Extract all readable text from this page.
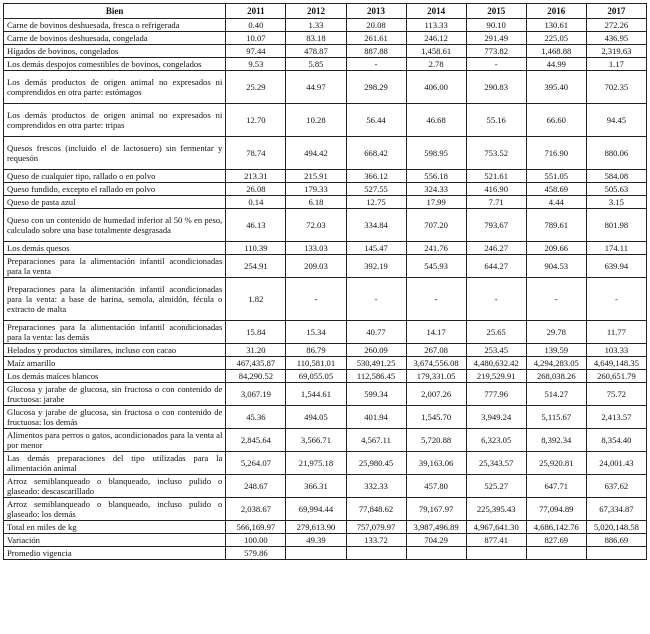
Bien	2011	2012	2013	2014	2015	2016	2017
Carne de bovinos deshuesada, fresca o refrigerada	0.40	1.33	20.08	113.33	90.10	130.61	272.26
Carne de bovinos deshuesada, congelada	10.07	83.18	261.61	246.12	291.49	225.05	436.95
Hígados de bovinos, congelados	97.44	478.87	887.88	1,458.61	773.82	1,468.88	2,319.63
Los demás despojos comestibles de bovinos, congelados	9.53	5.85	-	2.78	-	44.99	1.17
Los demás productos de origen animal no expresados ni comprendidos en otra parte: estómagos	25.29	44.97	298.29	406.00	290.83	395.40	702.35
Los demás productos de origen animal no expresados ni comprendidos en otra parte: tripas	12.70	10.28	56.44	46.68	55.16	66.60	94.45
Quesos frescos (incluido el de lactosuero) sin fermentar y requesón	78.74	494.42	668.42	598.95	753.52	716.90	880.06
Queso de cualquier tipo, rallado o en polvo	213.31	215.91	366.12	556.18	521.61	551.05	584.08
Queso fundido, excepto el rallado en polvo	26.08	179.33	527.55	324.33	416.90	458.69	505.63
Queso de pasta azul	0.14	6.18	12.75	17.99	7.71	4.44	3.15
Queso con un contenido de humedad inferior al 50 % en peso, calculado sobre una base totalmente desgrasada	46.13	72.03	334.84	707.20	793.67	789.61	801.98
Los demás quesos	110.39	133.03	145.47	241.76	246.27	209.66	174.11
Preparaciones para la alimentación infantil acondicionadas para la venta	254.91	209.03	392.19	545.93	644.27	904.53	639.94
Preparaciones para la alimentación infantil acondicionadas para la venta: a base de harina, semola, almidón, fécula o extracto de malta	1.82	-	-	-	-	-	-
Preparaciones para la alimentación infantil acondicionadas para la venta: las demás	15.84	15.34	40.77	14.17	25.65	29.78	11.77
Helados y productos similares, incluso con cacao	31.20	86.79	260.09	267.08	253.45	139.59	103.33
Maíz amarillo	467,435.87	110,581.01	530,491.25	3,674,556.08	4,480,632.42	4,294,283.05	4,649,148.35
Los demás maíces blancos	84,290.52	69,055.05	112,586.45	179,331.05	219,529.91	268,038.26	260,651.79
Glucosa y jarabe de glucosa, sin fructosa o con contenido de fructuosa: jarabe	3,067.19	1,544.61	599.34	2,007.26	777.96	514.27	75.72
Glucosa y jarabe de glucosa, sin fructosa o con contenido de fructuosa: los demás	45.36	494.05	401.94	1,545.70	3,949.24	5,115.67	2,413.57
Alimentos para perros o gatos, acondicionados para la venta al por menor	2,845.64	3,566.71	4,567.11	5,720.88	6,323.05	8,392.34	8,354.40
Las demás preparaciones del tipo utilizadas para la alimentación animal	5,264.07	21,975.18	25,980.45	39,163.06	25,343.57	25,920.81	24,001.43
Arroz semiblanqueado o blanqueado, incluso pulido o glaseado: descascarillado	248.67	366.31	332.33	457.80	525.27	647.71	637.62
Arroz semiblanqueado o blanqueado, incluso pulido o glaseado: los demás	2,038.67	69,994.44	77,848.62	79,167.97	225,395.43	77,094.89	67,334.87
Total en miles de kg	566,169.97	279,613.90	757,079.97	3,987,496.89	4,967,641.30	4,686,142.76	5,020,148.58
Variación	100.00	49.39	133.72	704.29	877.41	827.69	886.69
Promedio vigencia	579.86						
